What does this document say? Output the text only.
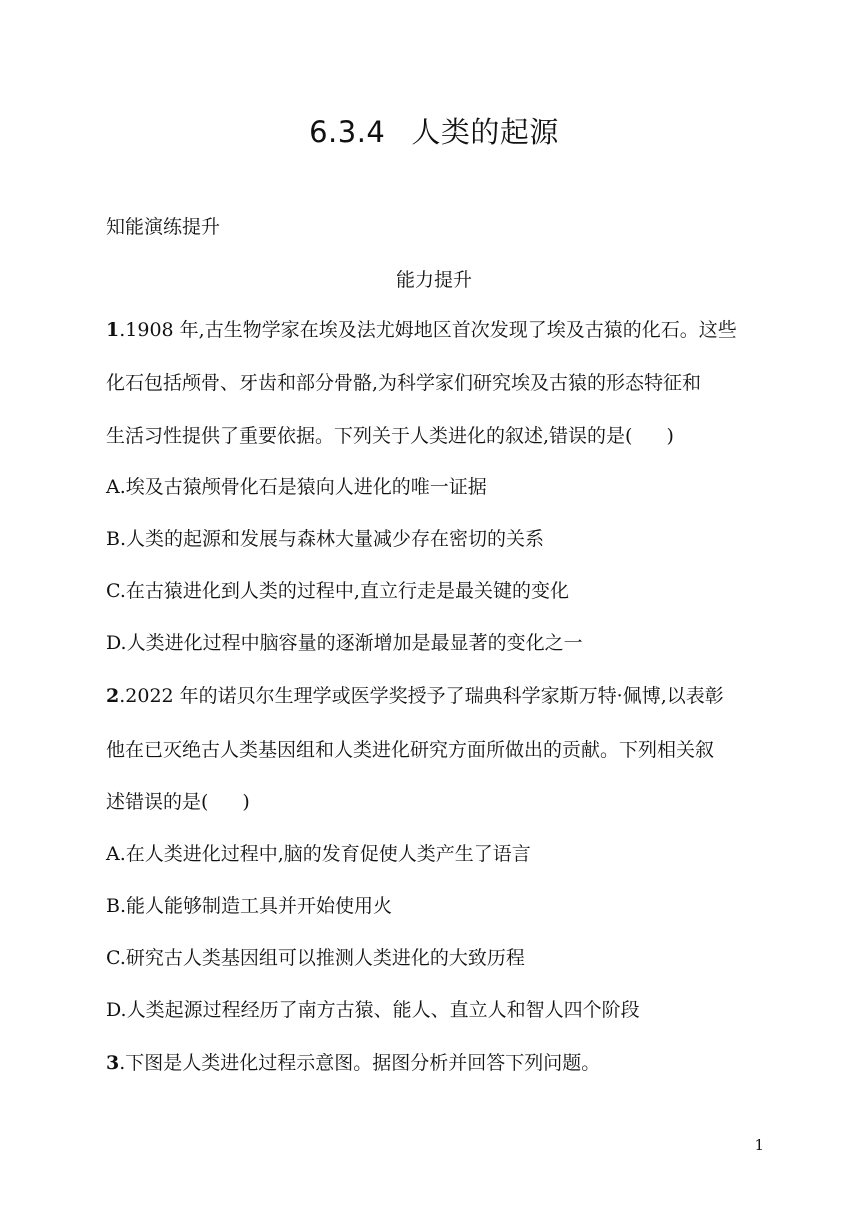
6.3.4 人类的起源
知能演练提升
能力提升
1.1908 年,古生物学家在埃及法尤姆地区首次发现了埃及古猿的化石。这些
化石包括颅骨、牙齿和部分骨骼,为科学家们研究埃及古猿的形态特征和
生活习性提供了重要依据。下列关于人类进化的叙述,错误的是( )
A.埃及古猿颅骨化石是猿向人进化的唯一证据
B.人类的起源和发展与森林大量减少存在密切的关系
C.在古猿进化到人类的过程中,直立行走是最关键的变化
D.人类进化过程中脑容量的逐渐增加是最显著的变化之一
2.2022 年的诺贝尔生理学或医学奖授予了瑞典科学家斯万特·佩博,以表彰
他在已灭绝古人类基因组和人类进化研究方面所做出的贡献。下列相关叙
述错误的是( )
A.在人类进化过程中,脑的发育促使人类产生了语言
B.能人能够制造工具并开始使用火
C.研究古人类基因组可以推测人类进化的大致历程
D.人类起源过程经历了南方古猿、能人、直立人和智人四个阶段
3.下图是人类进化过程示意图。据图分析并回答下列问题。
1
